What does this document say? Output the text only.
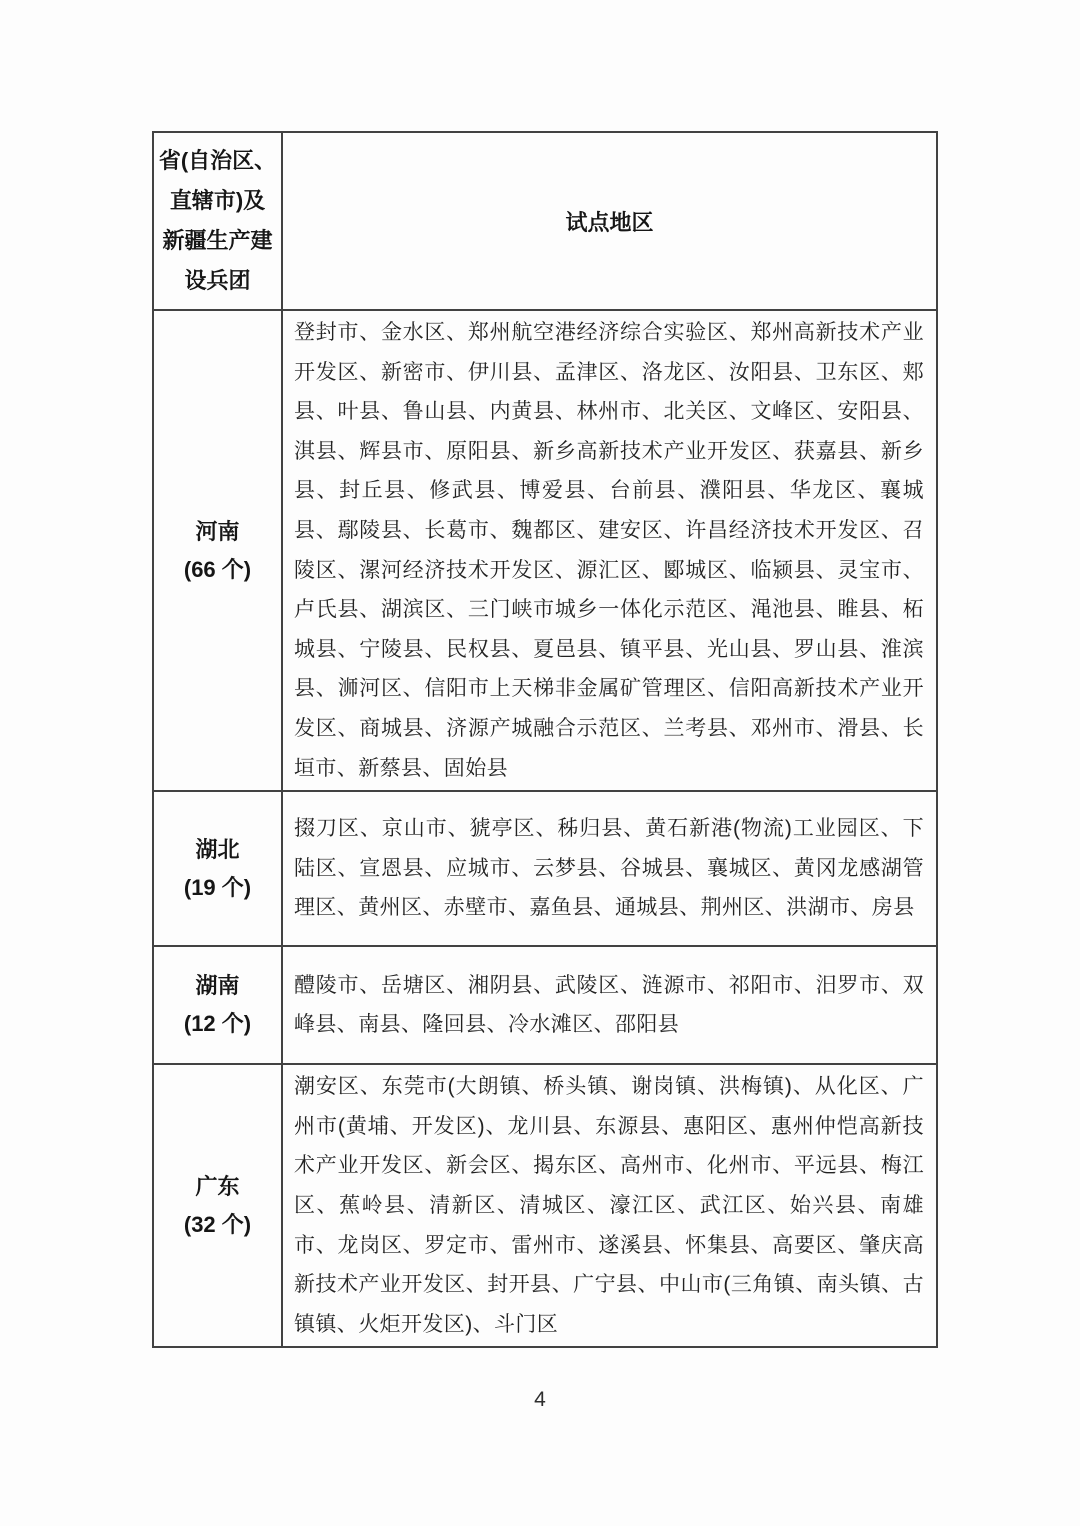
省(自治区、
直辖市)及
新疆生产建
设兵团
试点地区
河南
(66 个)
登封市、金水区、郑州航空港经济综合实验区、郑州高新技术产业开发区、新密市、伊川县、孟津区、洛龙区、汝阳县、卫东区、郏县、叶县、鲁山县、内黄县、林州市、北关区、文峰区、安阳县、淇县、辉县市、原阳县、新乡高新技术产业开发区、获嘉县、新乡县、封丘县、修武县、博爱县、台前县、濮阳县、华龙区、襄城县、鄢陵县、长葛市、魏都区、建安区、许昌经济技术开发区、召陵区、漯河经济技术开发区、源汇区、郾城区、临颍县、灵宝市、卢氏县、湖滨区、三门峡市城乡一体化示范区、渑池县、睢县、柘城县、宁陵县、民权县、夏邑县、镇平县、光山县、罗山县、淮滨县、浉河区、信阳市上天梯非金属矿管理区、信阳高新技术产业开发区、商城县、济源产城融合示范区、兰考县、邓州市、滑县、长垣市、新蔡县、固始县
湖北
(19 个)
掇刀区、京山市、猇亭区、秭归县、黄石新港(物流)工业园区、下陆区、宣恩县、应城市、云梦县、谷城县、襄城区、黄冈龙感湖管理区、黄州区、赤壁市、嘉鱼县、通城县、荆州区、洪湖市、房县
湖南
(12 个)
醴陵市、岳塘区、湘阴县、武陵区、涟源市、祁阳市、汨罗市、双峰县、南县、隆回县、冷水滩区、邵阳县
广东
(32 个)
潮安区、东莞市(大朗镇、桥头镇、谢岗镇、洪梅镇)、从化区、广州市(黄埔、开发区)、龙川县、东源县、惠阳区、惠州仲恺高新技术产业开发区、新会区、揭东区、高州市、化州市、平远县、梅江区、蕉岭县、清新区、清城区、濠江区、武江区、始兴县、南雄市、龙岗区、罗定市、雷州市、遂溪县、怀集县、高要区、肇庆高新技术产业开发区、封开县、广宁县、中山市(三角镇、南头镇、古镇镇、火炬开发区)、斗门区
4
